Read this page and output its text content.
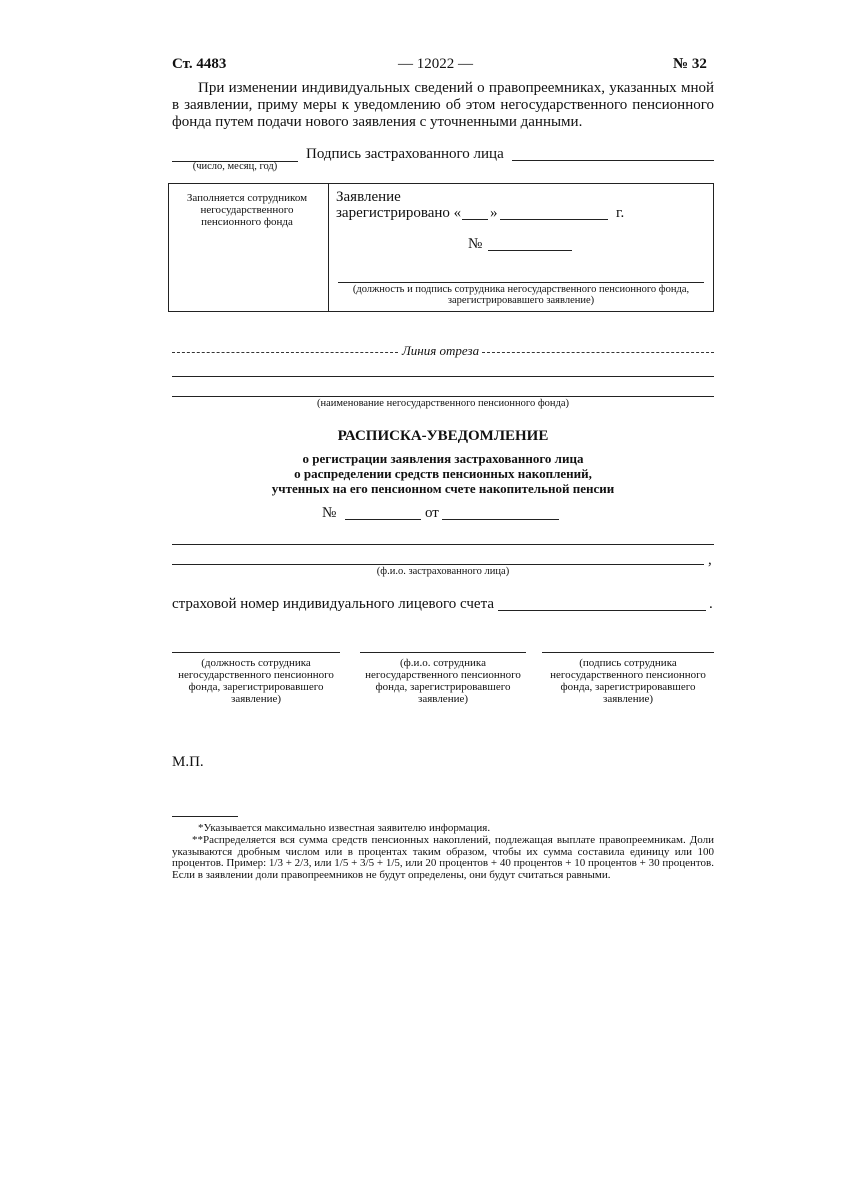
Ст. 4483	— 12022 —	№ 32
При изменении индивидуальных сведений о правопреемниках, указанных мной в заявлении, приму меры к уведомлению об этом негосударственного пенсионного фонда путем подачи нового заявления с уточненными данными.
(число, месяц, год)
Подпись застрахованного лица
Заполняется сотрудником негосударственного пенсионного фонда
Заявление
зарегистрировано « »	г.
№
(должность и подпись сотрудника негосударственного пенсионного фонда, зарегистрировавшего заявление)
Линия отреза
(наименование негосударственного пенсионного фонда)
РАСПИСКА-УВЕДОМЛЕНИЕ
о регистрации заявления застрахованного лица
о распределении средств пенсионных накоплений,
учтенных на его пенсионном счете накопительной пенсии
№	от
,
(ф.и.о. застрахованного лица)
страховой номер индивидуального лицевого счета	.
(должность сотрудника негосударственного пенсионного фонда, зарегистрировавшего заявление)
(ф.и.о. сотрудника негосударственного пенсионного фонда, зарегистрировавшего заявление)
(подпись сотрудника негосударственного пенсионного фонда, зарегистрировавшего заявление)
М.П.
*Указывается максимально известная заявителю информация.
**Распределяется вся сумма средств пенсионных накоплений, подлежащая выплате правопреемникам. Доли указываются дробным числом или в процентах таким образом, чтобы их сумма составила единицу или 100 процентов. Пример: 1/3 + 2/3, или 1/5 + 3/5 + 1/5, или 20 процентов + 40 процентов + 10 процентов + 30 процентов. Если в заявлении доли правопреемников не будут определены, они будут считаться равными.
